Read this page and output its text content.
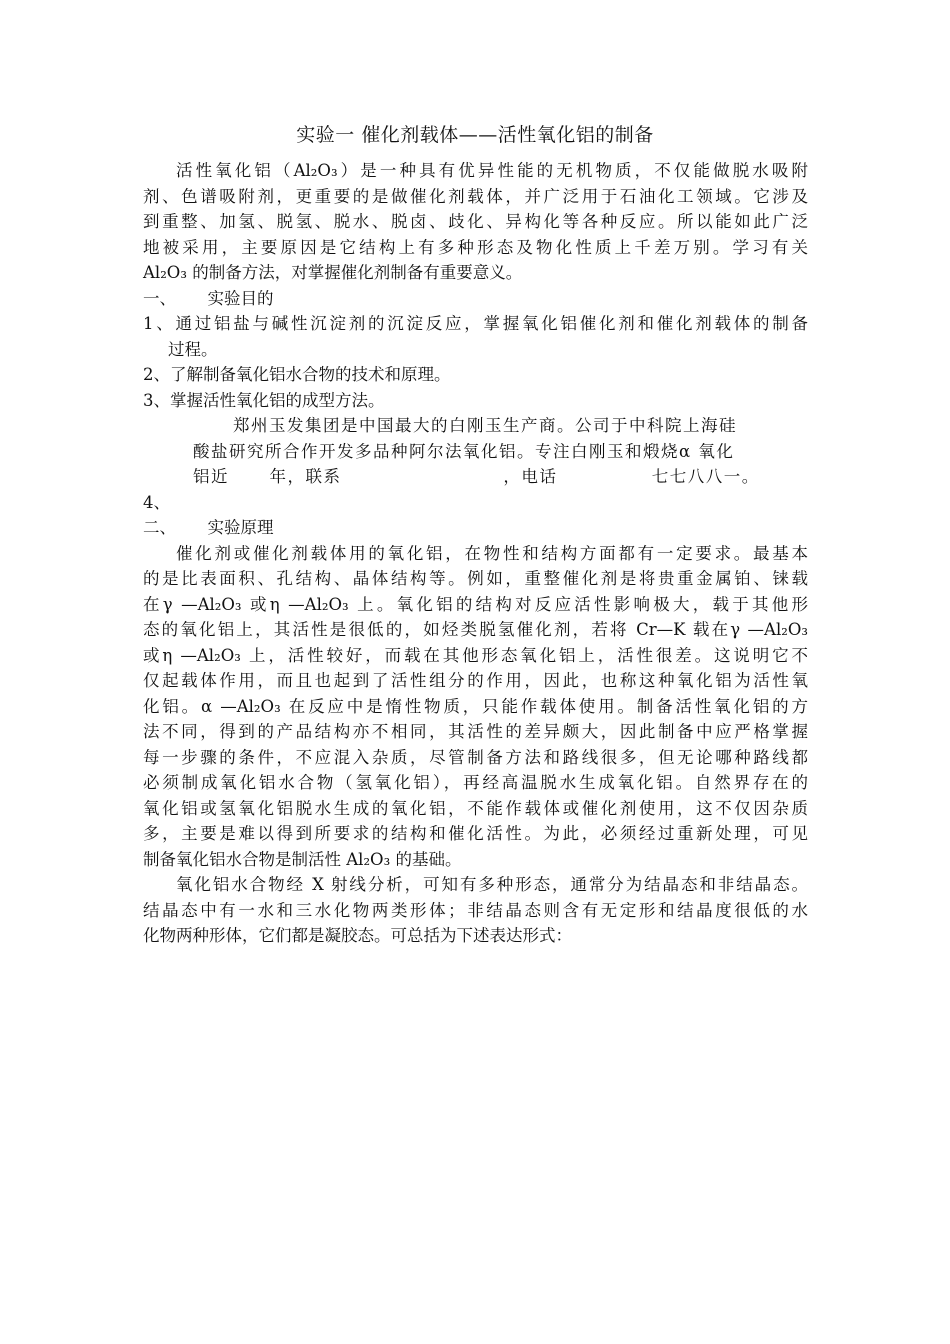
实验一 催化剂载体——活性氧化铝的制备
活性氧化铝（Al₂O₃）是一种具有优异性能的无机物质，不仅能做脱水吸附
剂、色谱吸附剂，更重要的是做催化剂载体，并广泛用于石油化工领域。它涉及
到重整、加氢、脱氢、脱水、脱卤、歧化、异构化等各种反应。所以能如此广泛
地被采用，主要原因是它结构上有多种形态及物化性质上千差万别。学习有关
Al₂O₃ 的制备方法，对掌握催化剂制备有重要意义。
一、      实验目的
1、通过铝盐与碱性沉淀剂的沉淀反应，掌握氧化铝催化剂和催化剂载体的制备
过程。
2、了解制备氧化铝水合物的技术和原理。
3、掌握活性氧化铝的成型方法。
郑州玉发集团是中国最大的白刚玉生产商。公司于中科院上海硅
酸盐研究所合作开发多品种阿尔法氧化铝。专注白刚玉和煅烧α 氧化
铝近      年，联系                        ，电话              七七八八一。
4、
二、      实验原理
催化剂或催化剂载体用的氧化铝，在物性和结构方面都有一定要求。最基本
的是比表面积、孔结构、晶体结构等。例如，重整催化剂是将贵重金属铂、铼载
在γ —Al₂O₃ 或η —Al₂O₃ 上。氧化铝的结构对反应活性影响极大，载于其他形
态的氧化铝上，其活性是很低的，如烃类脱氢催化剂，若将 Cr—K 载在γ —Al₂O₃
或η —Al₂O₃ 上，活性较好，而载在其他形态氧化铝上，活性很差。这说明它不
仅起载体作用，而且也起到了活性组分的作用，因此，也称这种氧化铝为活性氧
化铝。α —Al₂O₃ 在反应中是惰性物质，只能作载体使用。制备活性氧化铝的方
法不同，得到的产品结构亦不相同，其活性的差异颇大，因此制备中应严格掌握
每一步骤的条件，不应混入杂质，尽管制备方法和路线很多，但无论哪种路线都
必须制成氧化铝水合物（氢氧化铝），再经高温脱水生成氧化铝。自然界存在的
氧化铝或氢氧化铝脱水生成的氧化铝，不能作载体或催化剂使用，这不仅因杂质
多，主要是难以得到所要求的结构和催化活性。为此，必须经过重新处理，可见
制备氧化铝水合物是制活性 Al₂O₃ 的基础。
氧化铝水合物经 X 射线分析，可知有多种形态，通常分为结晶态和非结晶态。
结晶态中有一水和三水化物两类形体；非结晶态则含有无定形和结晶度很低的水
化物两种形体，它们都是凝胶态。可总括为下述表达形式：
